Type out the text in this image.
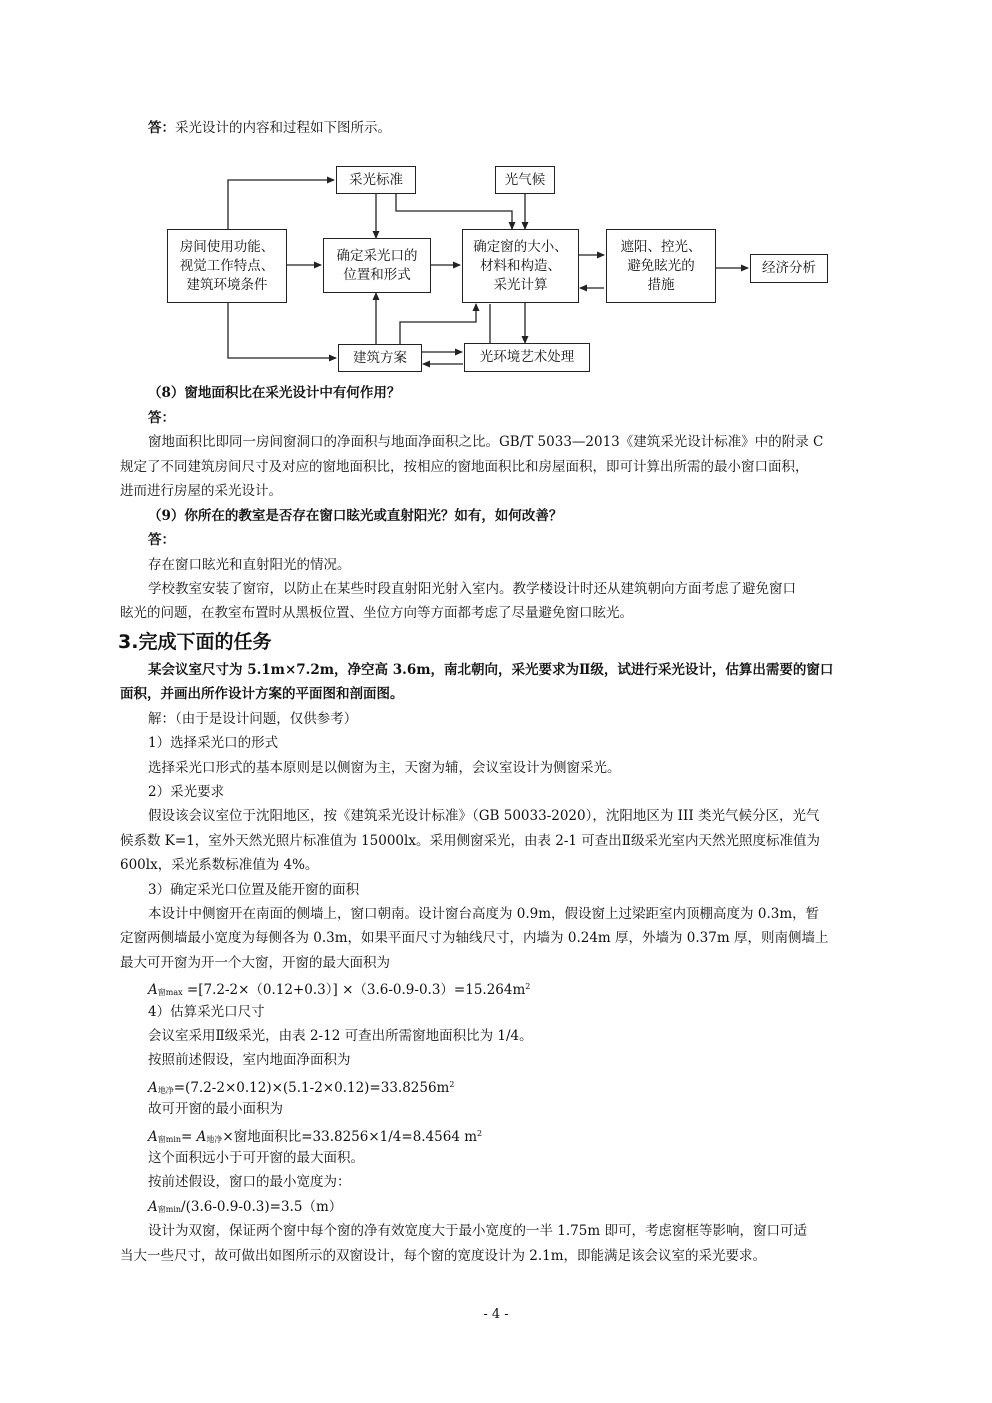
答：采光设计的内容和过程如下图所示。
采光标准	光气候
房间使用功能、
视觉工作特点、
建筑环境条件
确定采光口的
位置和形式
确定窗的大小、
材料和构造、
采光计算
遮阳、控光、
避免眩光的
措施
经济分析
建筑方案	光环境艺术处理
（8）窗地面积比在采光设计中有何作用？
答：
窗地面积比即同一房间窗洞口的净面积与地面净面积之比。GB/T 5033—2013《建筑采光设计标准》中的附录 C
规定了不同建筑房间尺寸及对应的窗地面积比，按相应的窗地面积比和房屋面积，即可计算出所需的最小窗口面积，
进而进行房屋的采光设计。
（9）你所在的教室是否存在窗口眩光或直射阳光？如有，如何改善？
答：
存在窗口眩光和直射阳光的情况。
学校教室安装了窗帘，以防止在某些时段直射阳光射入室内。教学楼设计时还从建筑朝向方面考虑了避免窗口
眩光的问题，在教室布置时从黑板位置、坐位方向等方面都考虑了尽量避免窗口眩光。
3.完成下面的任务
某会议室尺寸为 5.1m×7.2m，净空高 3.6m，南北朝向，采光要求为Ⅱ级，试进行采光设计，估算出需要的窗口
面积，并画出所作设计方案的平面图和剖面图。
解：（由于是设计问题，仅供参考）
1）选择采光口的形式
选择采光口形式的基本原则是以侧窗为主，天窗为辅，会议室设计为侧窗采光。
2）采光要求
假设该会议室位于沈阳地区，按《建筑采光设计标准》（GB 50033-2020），沈阳地区为 III 类光气候分区，光气
候系数 K=1，室外天然光照片标准值为 15000lx。采用侧窗采光，由表 2-1 可查出Ⅱ级采光室内天然光照度标准值为
600lx，采光系数标准值为 4%。
3）确定采光口位置及能开窗的面积
本设计中侧窗开在南面的侧墙上，窗口朝南。设计窗台高度为 0.9m，假设窗上过梁距室内顶棚高度为 0.3m，暂
定窗两侧墙最小宽度为每侧各为 0.3m，如果平面尺寸为轴线尺寸，内墙为 0.24m 厚，外墙为 0.37m 厚，则南侧墙上
最大可开窗为开一个大窗，开窗的最大面积为
$A_{窗max} =[7.2-2\times(0.12+0.3)] \times(3.6-0.9-0.3)=15.264m^2$
4）估算采光口尺寸
会议室采用Ⅱ级采光，由表 2-12 可查出所需窗地面积比为 1/4。
按照前述假设，室内地面净面积为
$A_{地净}=(7.2-2\times 0.12)\times(5.1-2\times 0.12)=33.8256m^2$
故可开窗的最小面积为
$A_{窗min}= A_{地净}\times$窗地面积比=33.8256×1/4=8.4564 $m^2$
这个面积远小于可开窗的最大面积。
按前述假设，窗口的最小宽度为：
$A_{窗min}/(3.6-0.9-0.3)=3.5(m)$
设计为双窗，保证两个窗中每个窗的净有效宽度大于最小宽度的一半 1.75m 即可，考虑窗框等影响，窗口可适
当大一些尺寸，故可做出如图所示的双窗设计，每个窗的宽度设计为 2.1m，即能满足该会议室的采光要求。
- 4 -
